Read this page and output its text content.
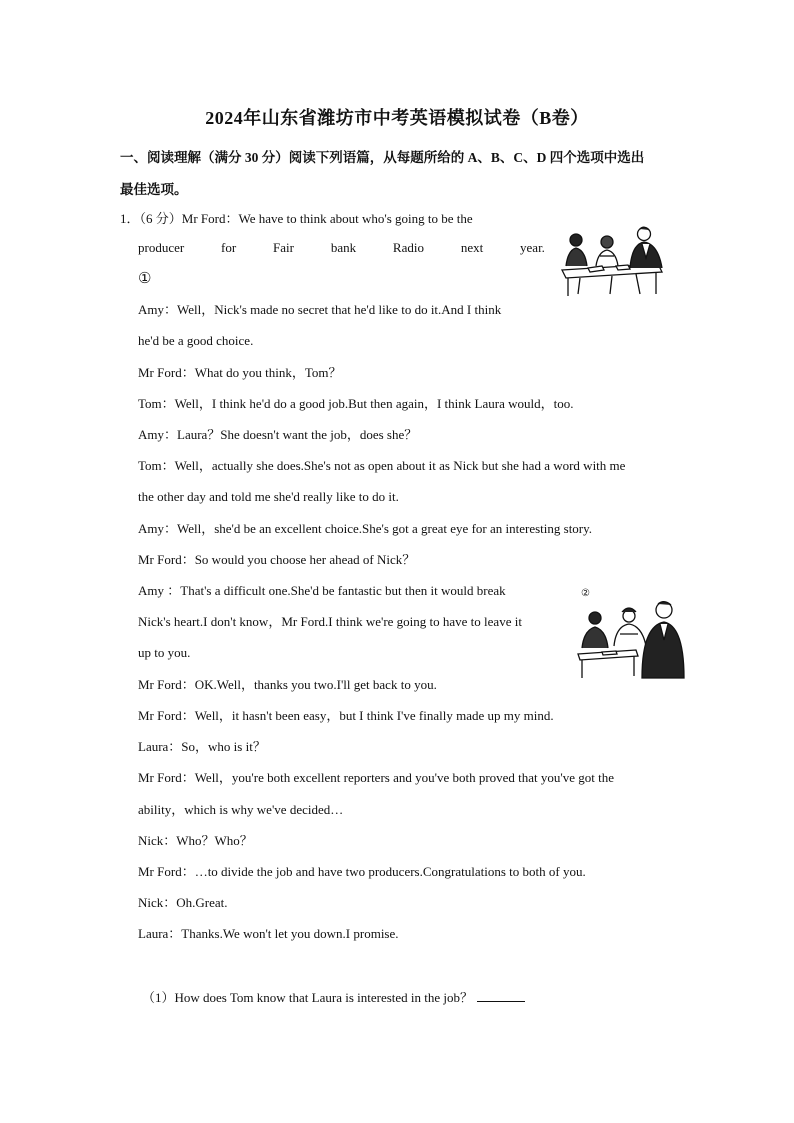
2024年山东省潍坊市中考英语模拟试卷（B卷）
一、阅读理解（满分 30 分）阅读下列语篇，从每题所给的 A、B、C、D 四个选项中选出
最佳选项。
1．（6 分）Mr Ford：We have to think about who's going to be the
producer	for	Fair	bank	Radio	next	year.
①
Amy：Well，Nick's made no secret that he'd like to do it.And I think
he'd be a good choice.
Mr Ford：What do you think，Tom？
Tom：Well，I think he'd do a good job.But then again，I think Laura would，too.
Amy：Laura？She doesn't want the job，does she？
Tom：Well，actually she does.She's not as open about it as Nick but she had a word with me
the other day and told me she'd really like to do it.
Amy：Well，she'd be an excellent choice.She's got a great eye for an interesting story.
Mr Ford：So would you choose her ahead of Nick？
Amy ：That's a difficult one.She'd be fantastic but then it would break
Nick's heart.I don't know，Mr Ford.I think we're going to have to leave it
up to you.
②
Mr Ford：OK.Well，thanks you two.I'll get back to you.
Mr Ford：Well，it hasn't been easy，but I think I've finally made up my mind.
Laura：So，who is it？
Mr Ford：Well，you're both excellent reporters and you've both proved that you've got the
ability，which is why we've decided…
Nick：Who？Who？
Mr Ford：…to divide the job and have two producers.Congratulations to both of you.
Nick：Oh.Great.
Laura：Thanks.We won't let you down.I promise.
（1）How does Tom know that Laura is interested in the job？
